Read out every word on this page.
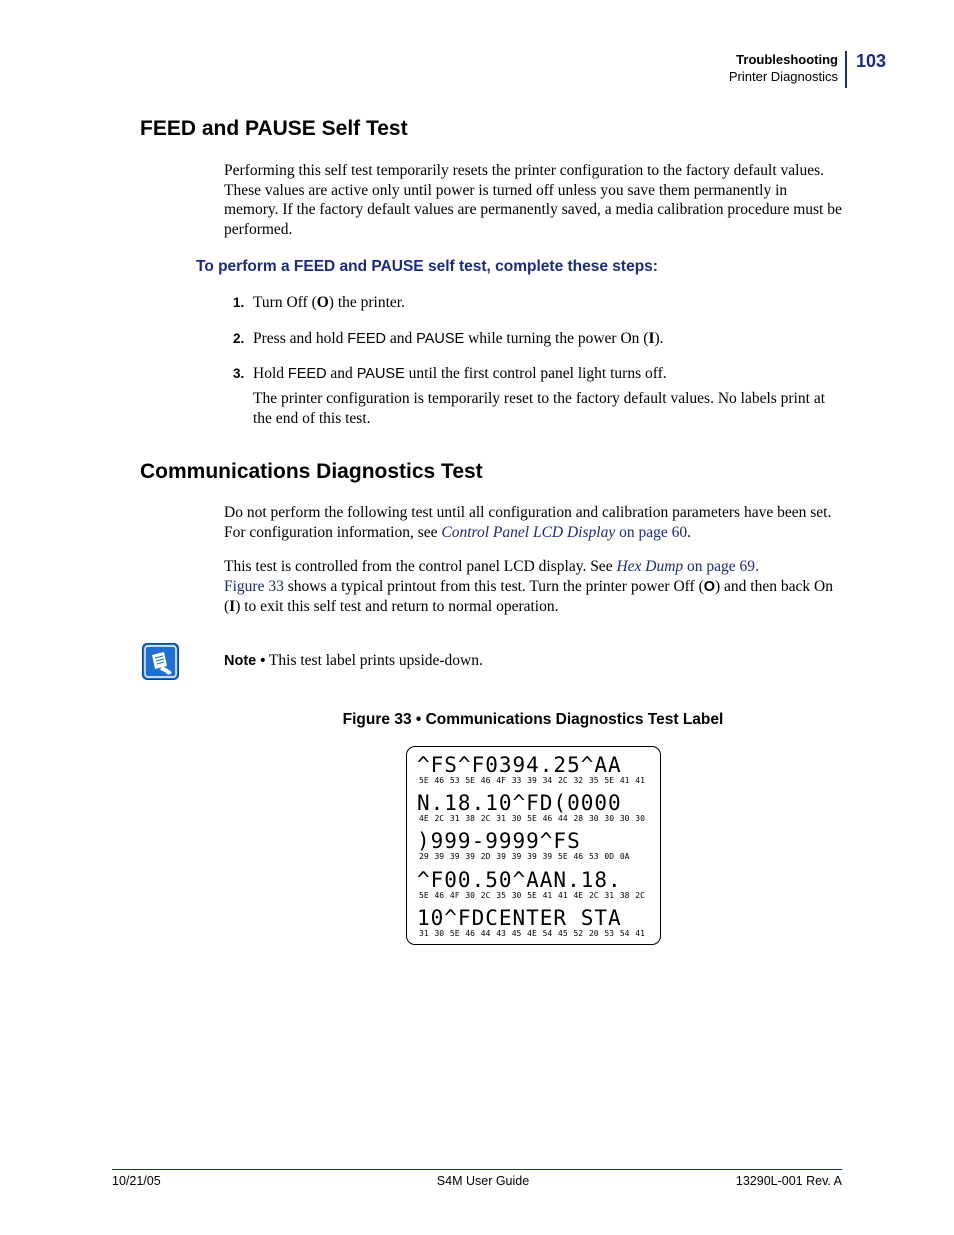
Troubleshooting
Printer Diagnostics
103
FEED and PAUSE Self Test

Performing this self test temporarily resets the printer configuration to the factory default values. These values are active only until power is turned off unless you save them permanently in memory. If the factory default values are permanently saved, a media calibration procedure must be performed.

To perform a FEED and PAUSE self test, complete these steps:
1. Turn Off (O) the printer.
2. Press and hold FEED and PAUSE while turning the power On (I).
3. Hold FEED and PAUSE until the first control panel light turns off.

The printer configuration is temporarily reset to the factory default values. No labels print at the end of this test.

Communications Diagnostics Test
Do not perform the following test until all configuration and calibration parameters have been set. For configuration information, see Control Panel LCD Display on page 60.
This test is controlled from the control panel LCD display. See Hex Dump on page 69.
Figure 33 shows a typical printout from this test. Turn the printer power Off (O) and then back On (I) to exit this self test and return to normal operation.
Note • This test label prints upside-down.
Figure 33 • Communications Diagnostics Test Label
^FS^F0394.25^AA
5E 46 53 5E 46 4F 33 39 34 2C 32 35 5E 41 41
N.18.10^FD(0000
4E 2C 31 38 2C 31 30 5E 46 44 28 30 30 30 30
)999-9999^FS
29 39 39 39 2D 39 39 39 39 5E 46 53 0D 0A
^F00.50^AAN.18.
5E 46 4F 30 2C 35 30 5E 41 41 4E 2C 31 38 2C
10^FDCENTER STA
31 30 5E 46 44 43 45 4E 54 45 52 20 53 54 41
10/21/05	S4M User Guide	13290L-001 Rev. A
